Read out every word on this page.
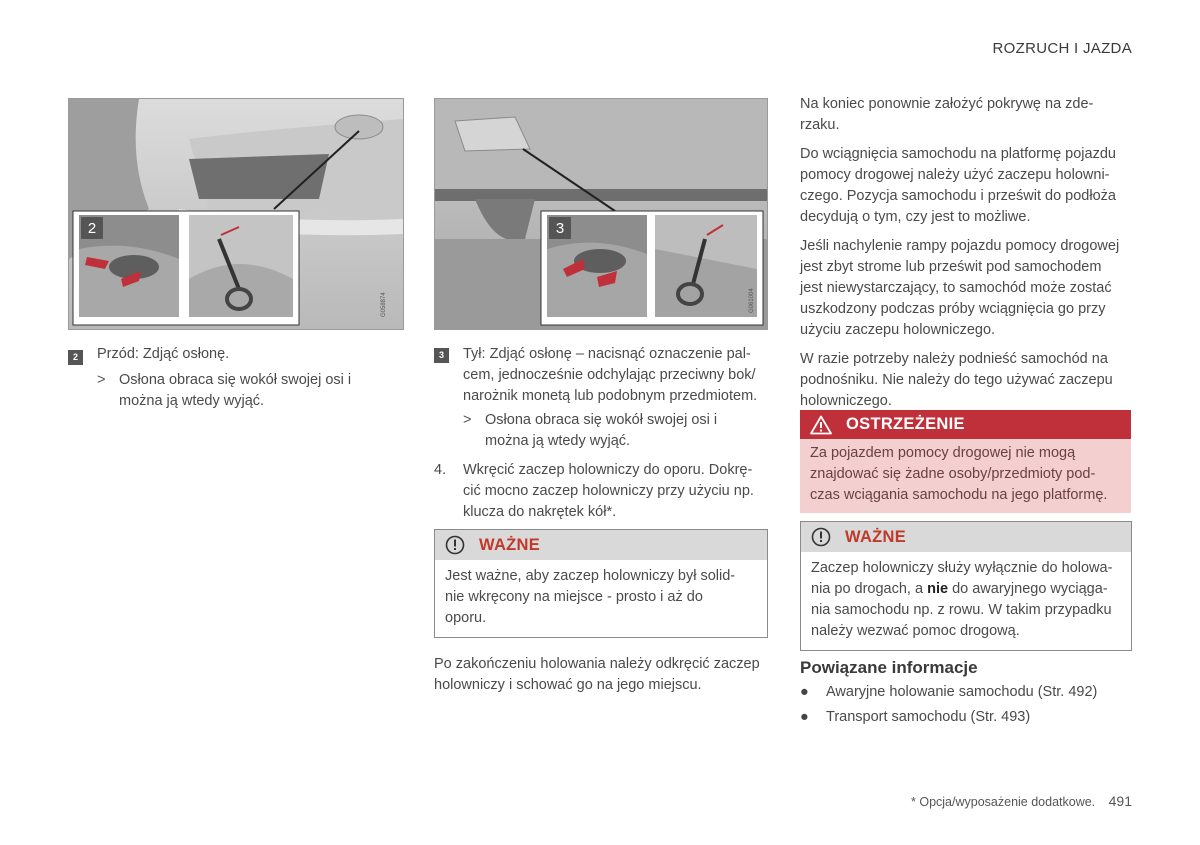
ROZRUCH I JAZDA
2
G058874
3
G061004
2	Przód: Zdjąć osłonę.
> Osłona obraca się wokół swojej osi i
można ją wtedy wyjąć.
3	Tył: Zdjąć osłonę – nacisnąć oznaczenie pal-
cem, jednocześnie odchylając przeciwny bok/
narożnik monetą lub podobnym przedmiotem.
> Osłona obraca się wokół swojej osi i
można ją wtedy wyjąć.
4.	Wkręcić zaczep holowniczy do oporu. Dokrę-
cić mocno zaczep holowniczy przy użyciu np.
klucza do nakrętek kół*.
WAŻNE
Jest ważne, aby zaczep holowniczy był solid-
nie wkręcony na miejsce - prosto i aż do
oporu.
Po zakończeniu holowania należy odkręcić zaczep
holowniczy i schować go na jego miejscu.
Na koniec ponownie założyć pokrywę na zde-
rzaku.
Do wciągnięcia samochodu na platformę pojazdu
pomocy drogowej należy użyć zaczepu holowni-
czego. Pozycja samochodu i prześwit do podłoża
decydują o tym, czy jest to możliwe.
Jeśli nachylenie rampy pojazdu pomocy drogowej
jest zbyt strome lub prześwit pod samochodem
jest niewystarczający, to samochód może zostać
uszkodzony podczas próby wciągnięcia go przy
użyciu zaczepu holowniczego.
W razie potrzeby należy podnieść samochód na
podnośniku. Nie należy do tego używać zaczepu
holowniczego.
OSTRZEŻENIE
Za pojazdem pomocy drogowej nie mogą
znajdować się żadne osoby/przedmioty pod-
czas wciągania samochodu na jego platformę.
WAŻNE
Zaczep holowniczy służy wyłącznie do holowa-
nia po drogach, a nie do awaryjnego wyciąga-
nia samochodu np. z rowu. W takim przypadku
należy wezwać pomoc drogową.
Powiązane informacje
● Awaryjne holowanie samochodu (Str. 492)
● Transport samochodu (Str. 493)
* Opcja/wyposażenie dodatkowe. 491
